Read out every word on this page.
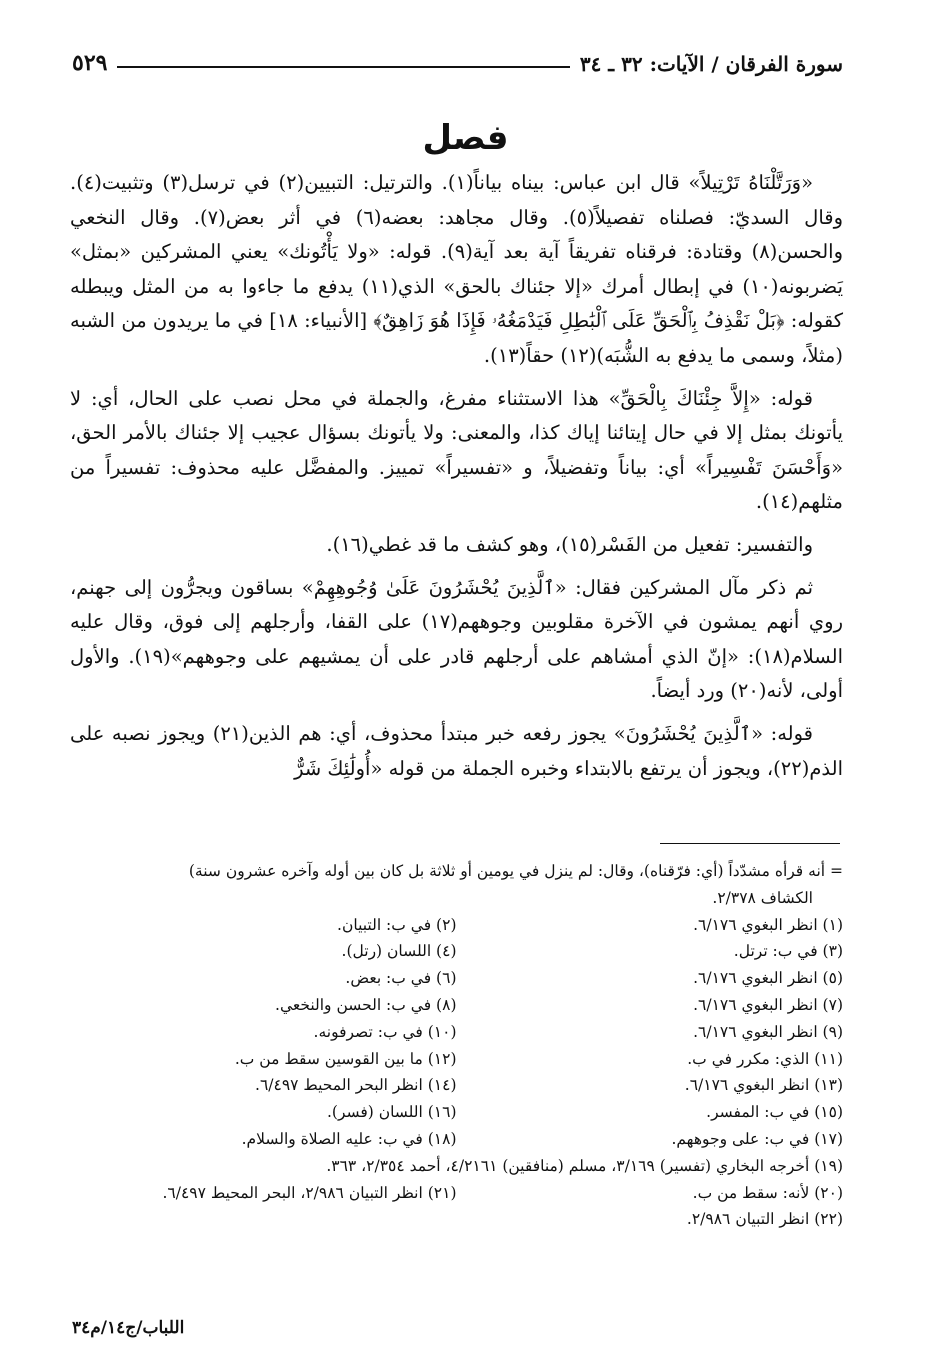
سورة الفرقان / الآيات: ٣٢ ـ ٣٤
٥٢٩
فصل

«وَرَتَّلْنَاهُ تَرْتِيلاً» قال ابن عباس: بيناه بياناً(١). والترتيل: التبيين(٢) في ترسل(٣) وتثبيت(٤). وقال السديّ: فصلناه تفصيلاً(٥). وقال مجاهد: بعضه(٦) في أثر بعض(٧). وقال النخعي والحسن(٨) وقتادة: فرقناه تفريقاً آية بعد آية(٩). قوله: «ولا يَأْتُونك» يعني المشركين «بمثل» يَضربونه(١٠) في إبطال أمرك «إلا جئناك بالحق» الذي(١١) يدفع ما جاءوا به من المثل ويبطله كقوله: ﴿بَلْ نَقْذِفُ بِٱلْحَقِّ عَلَى ٱلْبَٰطِلِ فَيَدْمَغُهُۥ فَإِذَا هُوَ زَاهِقٌ﴾ [الأنبياء: ١٨] في ما يريدون من الشبه (مثلاً، وسمى ما يدفع به الشُّبَه)(١٢) حقاً(١٣).

قوله: «إِلاَّ جِئْنَاكَ بِالْحَقِّ» هذا الاستثناء مفرغ، والجملة في محل نصب على الحال، أي: لا يأتونك بمثل إلا في حال إيتائنا إياك كذا، والمعنى: ولا يأتونك بسؤال عجيب إلا جئناك بالأمر الحق، «وَأَحْسَنَ تَفْسِيراً» أي: بياناً وتفضيلاً، و «تفسيراً» تمييز. والمفضَّل عليه محذوف: تفسيراً من مثلهم(١٤).

والتفسير: تفعيل من الفَسْر(١٥)، وهو كشف ما قد غطي(١٦).

ثم ذكر مآل المشركين فقال: «ٱلَّذِينَ يُحْشَرُونَ عَلَىٰ وُجُوهِهِمْ» بساقون ويجرُّون إلى جهنم، روي أنهم يمشون في الآخرة مقلوبين وجوههم(١٧) على القفا، وأرجلهم إلى فوق، وقال عليه السلام(١٨): «إنّ الذي أمشاهم على أرجلهم قادر على أن يمشيهم على وجوههم»(١٩). والأول أولى، لأنه(٢٠) ورد أيضاً.

قوله: «ٱلَّذِينَ يُحْشَرُونَ» يجوز رفعه خبر مبتدأ محذوف، أي: هم الذين(٢١) ويجوز نصبه على الذم(٢٢)، ويجوز أن يرتفع بالابتداء وخبره الجملة من قوله «أُولَٰئِكَ شَرٌّ

= أنه قرأه مشدّداً (أي: فرّقناه)، وقال: لم ينزل في يومين أو ثلاثة بل كان بين أوله وآخره عشرون سنة)
الكشاف ٢/٣٧٨.
(١) انظر البغوي ٦/١٧٦.
(٢) في ب: التبيان.
(٣) في ب: ترتل.
(٤) اللسان (رتل).
(٥) انظر البغوي ٦/١٧٦.
(٦) في ب: بعض.
(٧) انظر البغوي ٦/١٧٦.
(٨) في ب: الحسن والنخعي.
(٩) انظر البغوي ٦/١٧٦.
(١٠) في ب: تصرفونه.
(١١) الذي: مكرر في ب.
(١٢) ما بين القوسين سقط من ب.
(١٣) انظر البغوي ٦/١٧٦.
(١٤) انظر البحر المحيط ٦/٤٩٧.
(١٥) في ب: المفسر.
(١٦) اللسان (فسر).
(١٧) في ب: على وجوههم.
(١٨) في ب: عليه الصلاة والسلام.
(١٩) أخرجه البخاري (تفسير) ٣/١٦٩، مسلم (منافقين) ٤/٢١٦١، أحمد ٢/٣٥٤، ٣٦٣.
(٢٠) لأنه: سقط من ب.
(٢١) انظر التبيان ٢/٩٨٦، البحر المحيط ٦/٤٩٧.
(٢٢) انظر التبيان ٢/٩٨٦.
اللباب/ج١٤/م٣٤
